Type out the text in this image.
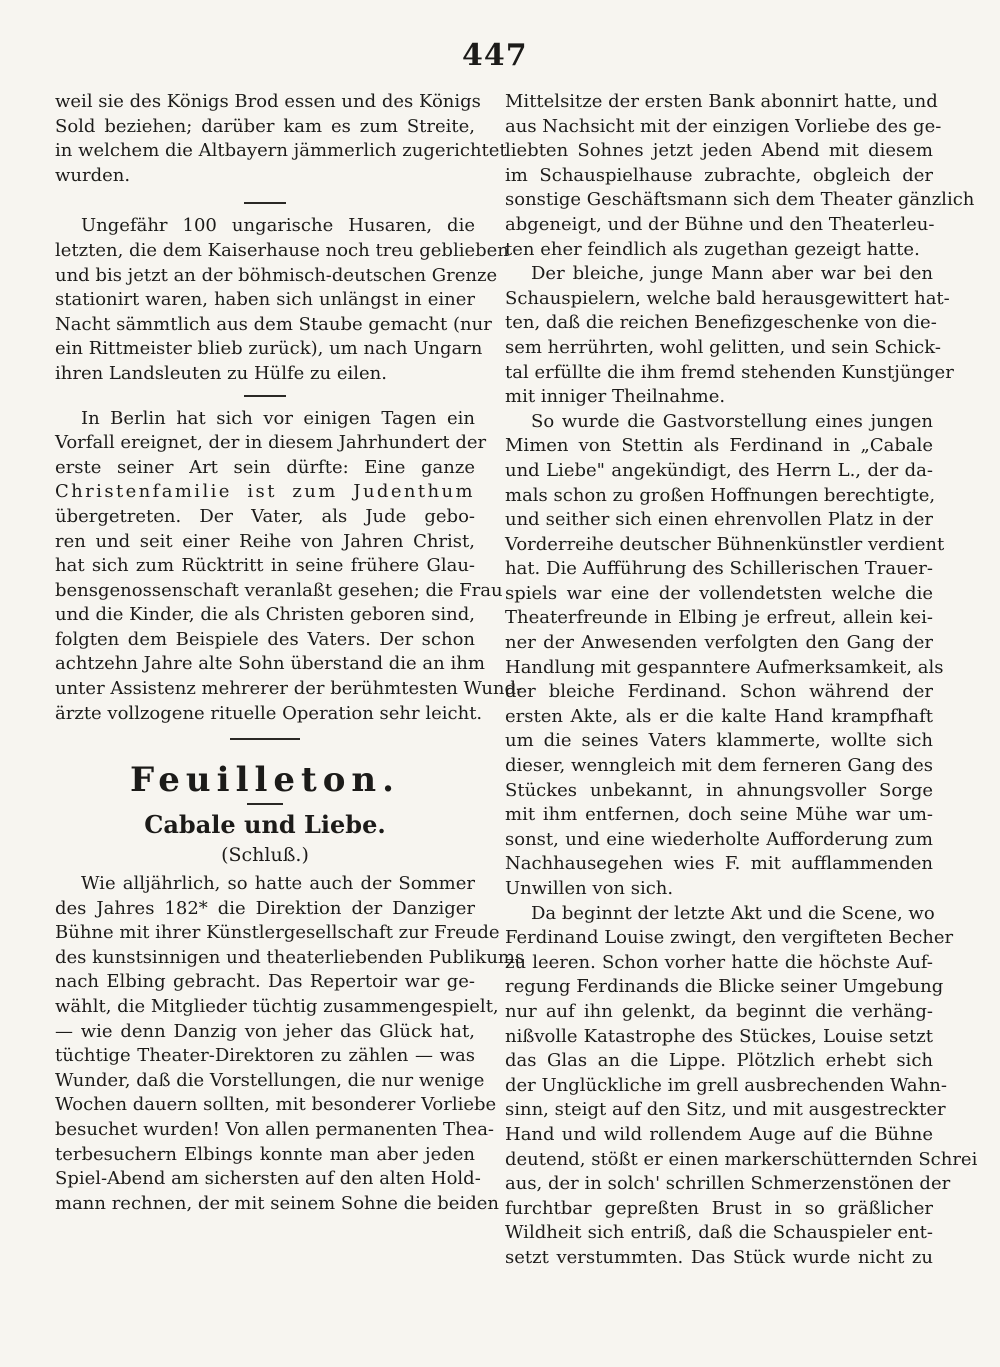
447
weil sie des Königs Brod essen und des Königs
Sold beziehen; darüber kam es zum Streite,
in welchem die Altbayern jämmerlich zugerichtet
wurden.
Ungefähr 100 ungarische Husaren, die
letzten, die dem Kaiserhause noch treu geblieben
und bis jetzt an der böhmisch-deutschen Grenze
stationirt waren, haben sich unlängst in einer
Nacht sämmtlich aus dem Staube gemacht (nur
ein Rittmeister blieb zurück), um nach Ungarn
ihren Landsleuten zu Hülfe zu eilen.
In Berlin hat sich vor einigen Tagen ein
Vorfall ereignet, der in diesem Jahrhundert der
erste seiner Art sein dürfte: Eine ganze
Christenfamilie ist zum Judenthum
übergetreten. Der Vater, als Jude gebo-
ren und seit einer Reihe von Jahren Christ,
hat sich zum Rücktritt in seine frühere Glau-
bensgenossenschaft veranlaßt gesehen; die Frau
und die Kinder, die als Christen geboren sind,
folgten dem Beispiele des Vaters. Der schon
achtzehn Jahre alte Sohn überstand die an ihm
unter Assistenz mehrerer der berühmtesten Wund-
ärzte vollzogene rituelle Operation sehr leicht.
Feuilleton.
Cabale und Liebe.
(Schluß.)
Wie alljährlich, so hatte auch der Sommer
des Jahres 182* die Direktion der Danziger
Bühne mit ihrer Künstlergesellschaft zur Freude
des kunstsinnigen und theaterliebenden Publikums
nach Elbing gebracht. Das Repertoir war ge-
wählt, die Mitglieder tüchtig zusammengespielt,
— wie denn Danzig von jeher das Glück hat,
tüchtige Theater-Direktoren zu zählen — was
Wunder, daß die Vorstellungen, die nur wenige
Wochen dauern sollten, mit besonderer Vorliebe
besuchet wurden! Von allen permanenten Thea-
terbesuchern Elbings konnte man aber jeden
Spiel-Abend am sichersten auf den alten Hold-
mann rechnen, der mit seinem Sohne die beiden
Mittelsitze der ersten Bank abonnirt hatte, und
aus Nachsicht mit der einzigen Vorliebe des ge-
liebten Sohnes jetzt jeden Abend mit diesem
im Schauspielhause zubrachte, obgleich der
sonstige Geschäftsmann sich dem Theater gänzlich
abgeneigt, und der Bühne und den Theaterleu-
ten eher feindlich als zugethan gezeigt hatte.
Der bleiche, junge Mann aber war bei den
Schauspielern, welche bald herausgewittert hat-
ten, daß die reichen Benefizgeschenke von die-
sem herrührten, wohl gelitten, und sein Schick-
tal erfüllte die ihm fremd stehenden Kunstjünger
mit inniger Theilnahme.
So wurde die Gastvorstellung eines jungen
Mimen von Stettin als Ferdinand in „Cabale
und Liebe" angekündigt, des Herrn L., der da-
mals schon zu großen Hoffnungen berechtigte,
und seither sich einen ehrenvollen Platz in der
Vorderreihe deutscher Bühnenkünstler verdient
hat. Die Aufführung des Schillerischen Trauer-
spiels war eine der vollendetsten welche die
Theaterfreunde in Elbing je erfreut, allein kei-
ner der Anwesenden verfolgten den Gang der
Handlung mit gespanntere Aufmerksamkeit, als
der bleiche Ferdinand. Schon während der
ersten Akte, als er die kalte Hand krampfhaft
um die seines Vaters klammerte, wollte sich
dieser, wenngleich mit dem ferneren Gang des
Stückes unbekannt, in ahnungsvoller Sorge
mit ihm entfernen, doch seine Mühe war um-
sonst, und eine wiederholte Aufforderung zum
Nachhausegehen wies F. mit aufflammenden
Unwillen von sich.
Da beginnt der letzte Akt und die Scene, wo
Ferdinand Louise zwingt, den vergifteten Becher
zu leeren. Schon vorher hatte die höchste Auf-
regung Ferdinands die Blicke seiner Umgebung
nur auf ihn gelenkt, da beginnt die verhäng-
nißvolle Katastrophe des Stückes, Louise setzt
das Glas an die Lippe. Plötzlich erhebt sich
der Unglückliche im grell ausbrechenden Wahn-
sinn, steigt auf den Sitz, und mit ausgestreckter
Hand und wild rollendem Auge auf die Bühne
deutend, stößt er einen markerschütternden Schrei
aus, der in solch' schrillen Schmerzenstönen der
furchtbar gepreßten Brust in so gräßlicher
Wildheit sich entriß, daß die Schauspieler ent-
setzt verstummten. Das Stück wurde nicht zu
